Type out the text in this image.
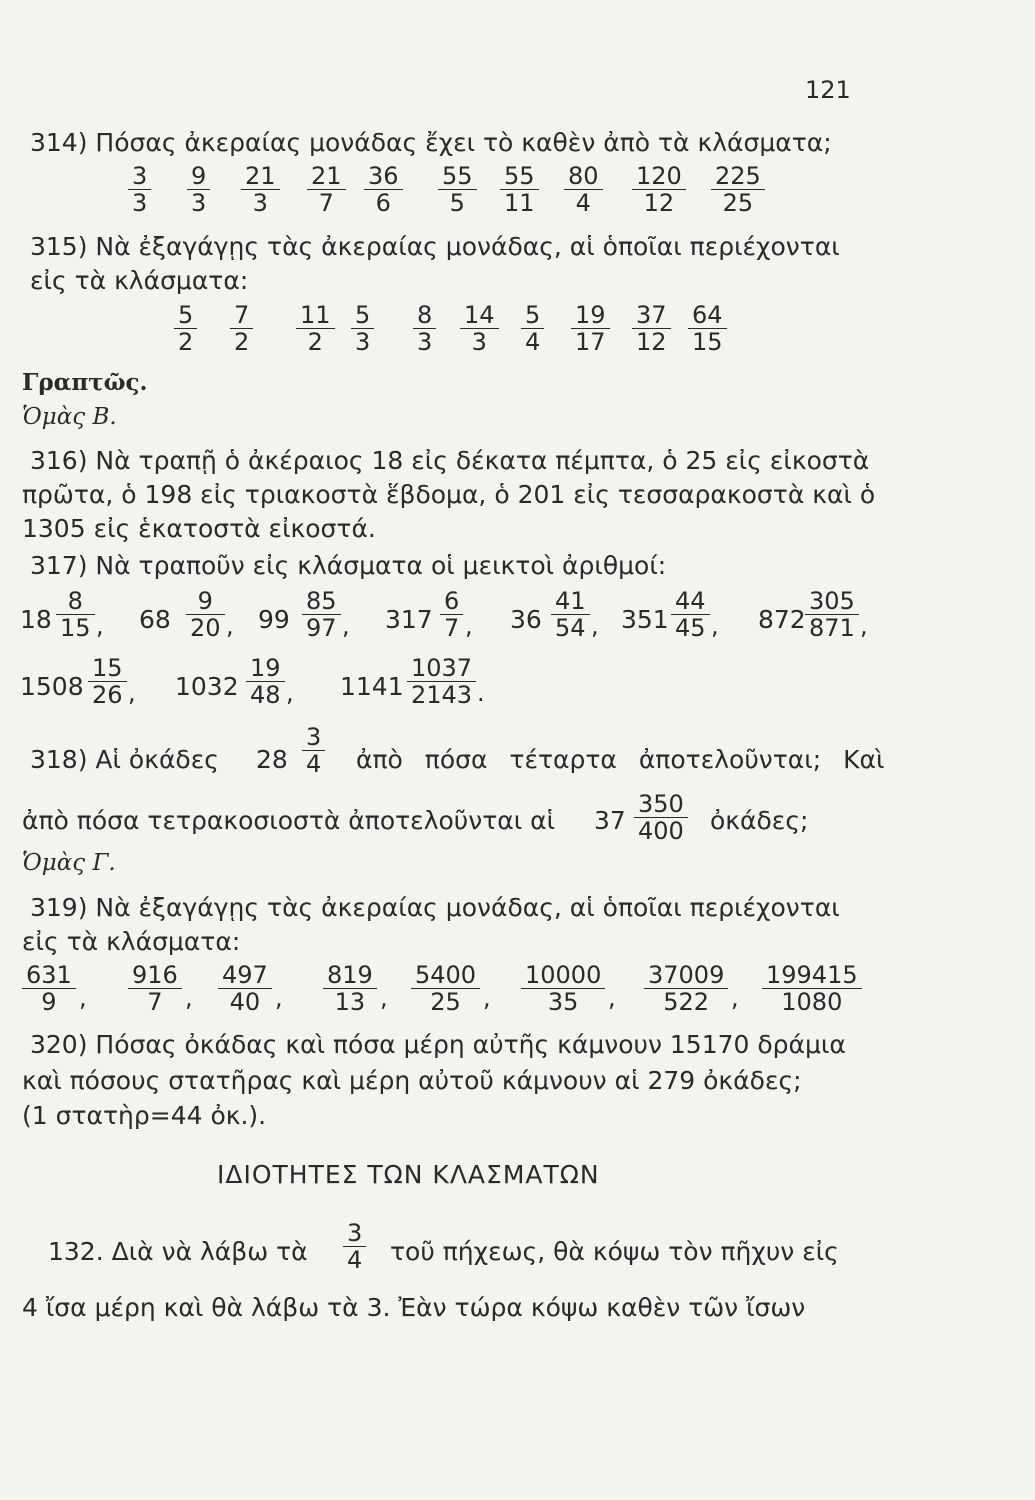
121
314) Πόσας ἀκεραίας μονάδας ἔχει τὸ καθὲν ἀπὸ τὰ κλάσματα;
315) Νὰ ἐξαγάγῃς τὰς ἀκεραίας μονάδας, αἱ ὁποῖαι περιέχονται
εἰς τὰ κλάσματα:
Γραπτῶς.
Ὁμὰς Β.
316) Νὰ τραπῇ ὁ ἀκέραιος 18 εἰς δέκατα πέμπτα, ὁ 25 εἰς εἰκοστὰ
πρῶτα, ὁ 198 εἰς τριακοστὰ ἕβδομα, ὁ 201 εἰς τεσσαρακοστὰ καὶ ὁ
1305 εἰς ἑκατοστὰ εἰκοστά.
317) Νὰ τραποῦν εἰς κλάσματα οἱ μεικτοὶ ἀριθμοί:
318) Αἱ ὀκάδες $28 \frac{3}{4}$ ἀπὸ πόσα τέταρτα ἀποτελοῦνται; Καὶ
ἀπὸ πόσα τετρακοσιοστὰ ἀποτελοῦνται αἱ $37 \frac{350}{400}$ ὀκάδες;
Ὁμὰς Γ.
319) Νὰ ἐξαγάγῃς τὰς ἀκεραίας μονάδας, αἱ ὁποῖαι περιέχονται
εἰς τὰ κλάσματα:
320) Πόσας ὀκάδας καὶ πόσα μέρη αὐτῆς κάμνουν 15170 δράμια
καὶ πόσους στατῆρας καὶ μέρη αὐτοῦ κάμνουν αἱ 279 ὀκάδες;
(1 στατὴρ=44 ὀκ.).
ΙΔΙΟΤΗΤΕΣ ΤΩΝ ΚΛΑΣΜΑΤΩΝ
132. Διὰ νὰ λάβω τὰ $\frac{3}{4}$ τοῦ πήχεως, θὰ κόψω τὸν πῆχυν εἰς
4 ἴσα μέρη καὶ θὰ λάβω τὰ 3. Ἐὰν τώρα κόψω καθὲν τῶν ἴσων
$\frac{3}{3} \frac{9}{3} \frac{21}{3} \frac{21}{7} \frac{36}{6} \frac{55}{5} \frac{55}{11} \frac{80}{4} \frac{120}{12} \frac{225}{25}$
$\frac{5}{2} \frac{7}{2} \frac{11}{2} \frac{5}{3} \frac{8}{3} \frac{14}{3} \frac{5}{4} \frac{19}{17} \frac{37}{12} \frac{64}{15}$
$18 \frac{8}{15}$ , $68 \frac{9}{20}$ , $99 \frac{85}{97}$ , $317 \frac{6}{7}$ , $36 \frac{41}{54}$ , $351 \frac{44}{45}$ , $872 \frac{305}{871}$ ,
$1508 \frac{15}{26}$ , $1032 \frac{19}{48}$ , $1141 \frac{1037}{2143}$ .
$\frac{631}{9}$ , $\frac{916}{7}$ , $\frac{497}{40}$ , $\frac{819}{13}$ , $\frac{5400}{25}$ , $\frac{10000}{35}$ , $\frac{37009}{522}$ , $\frac{199415}{1080}$
